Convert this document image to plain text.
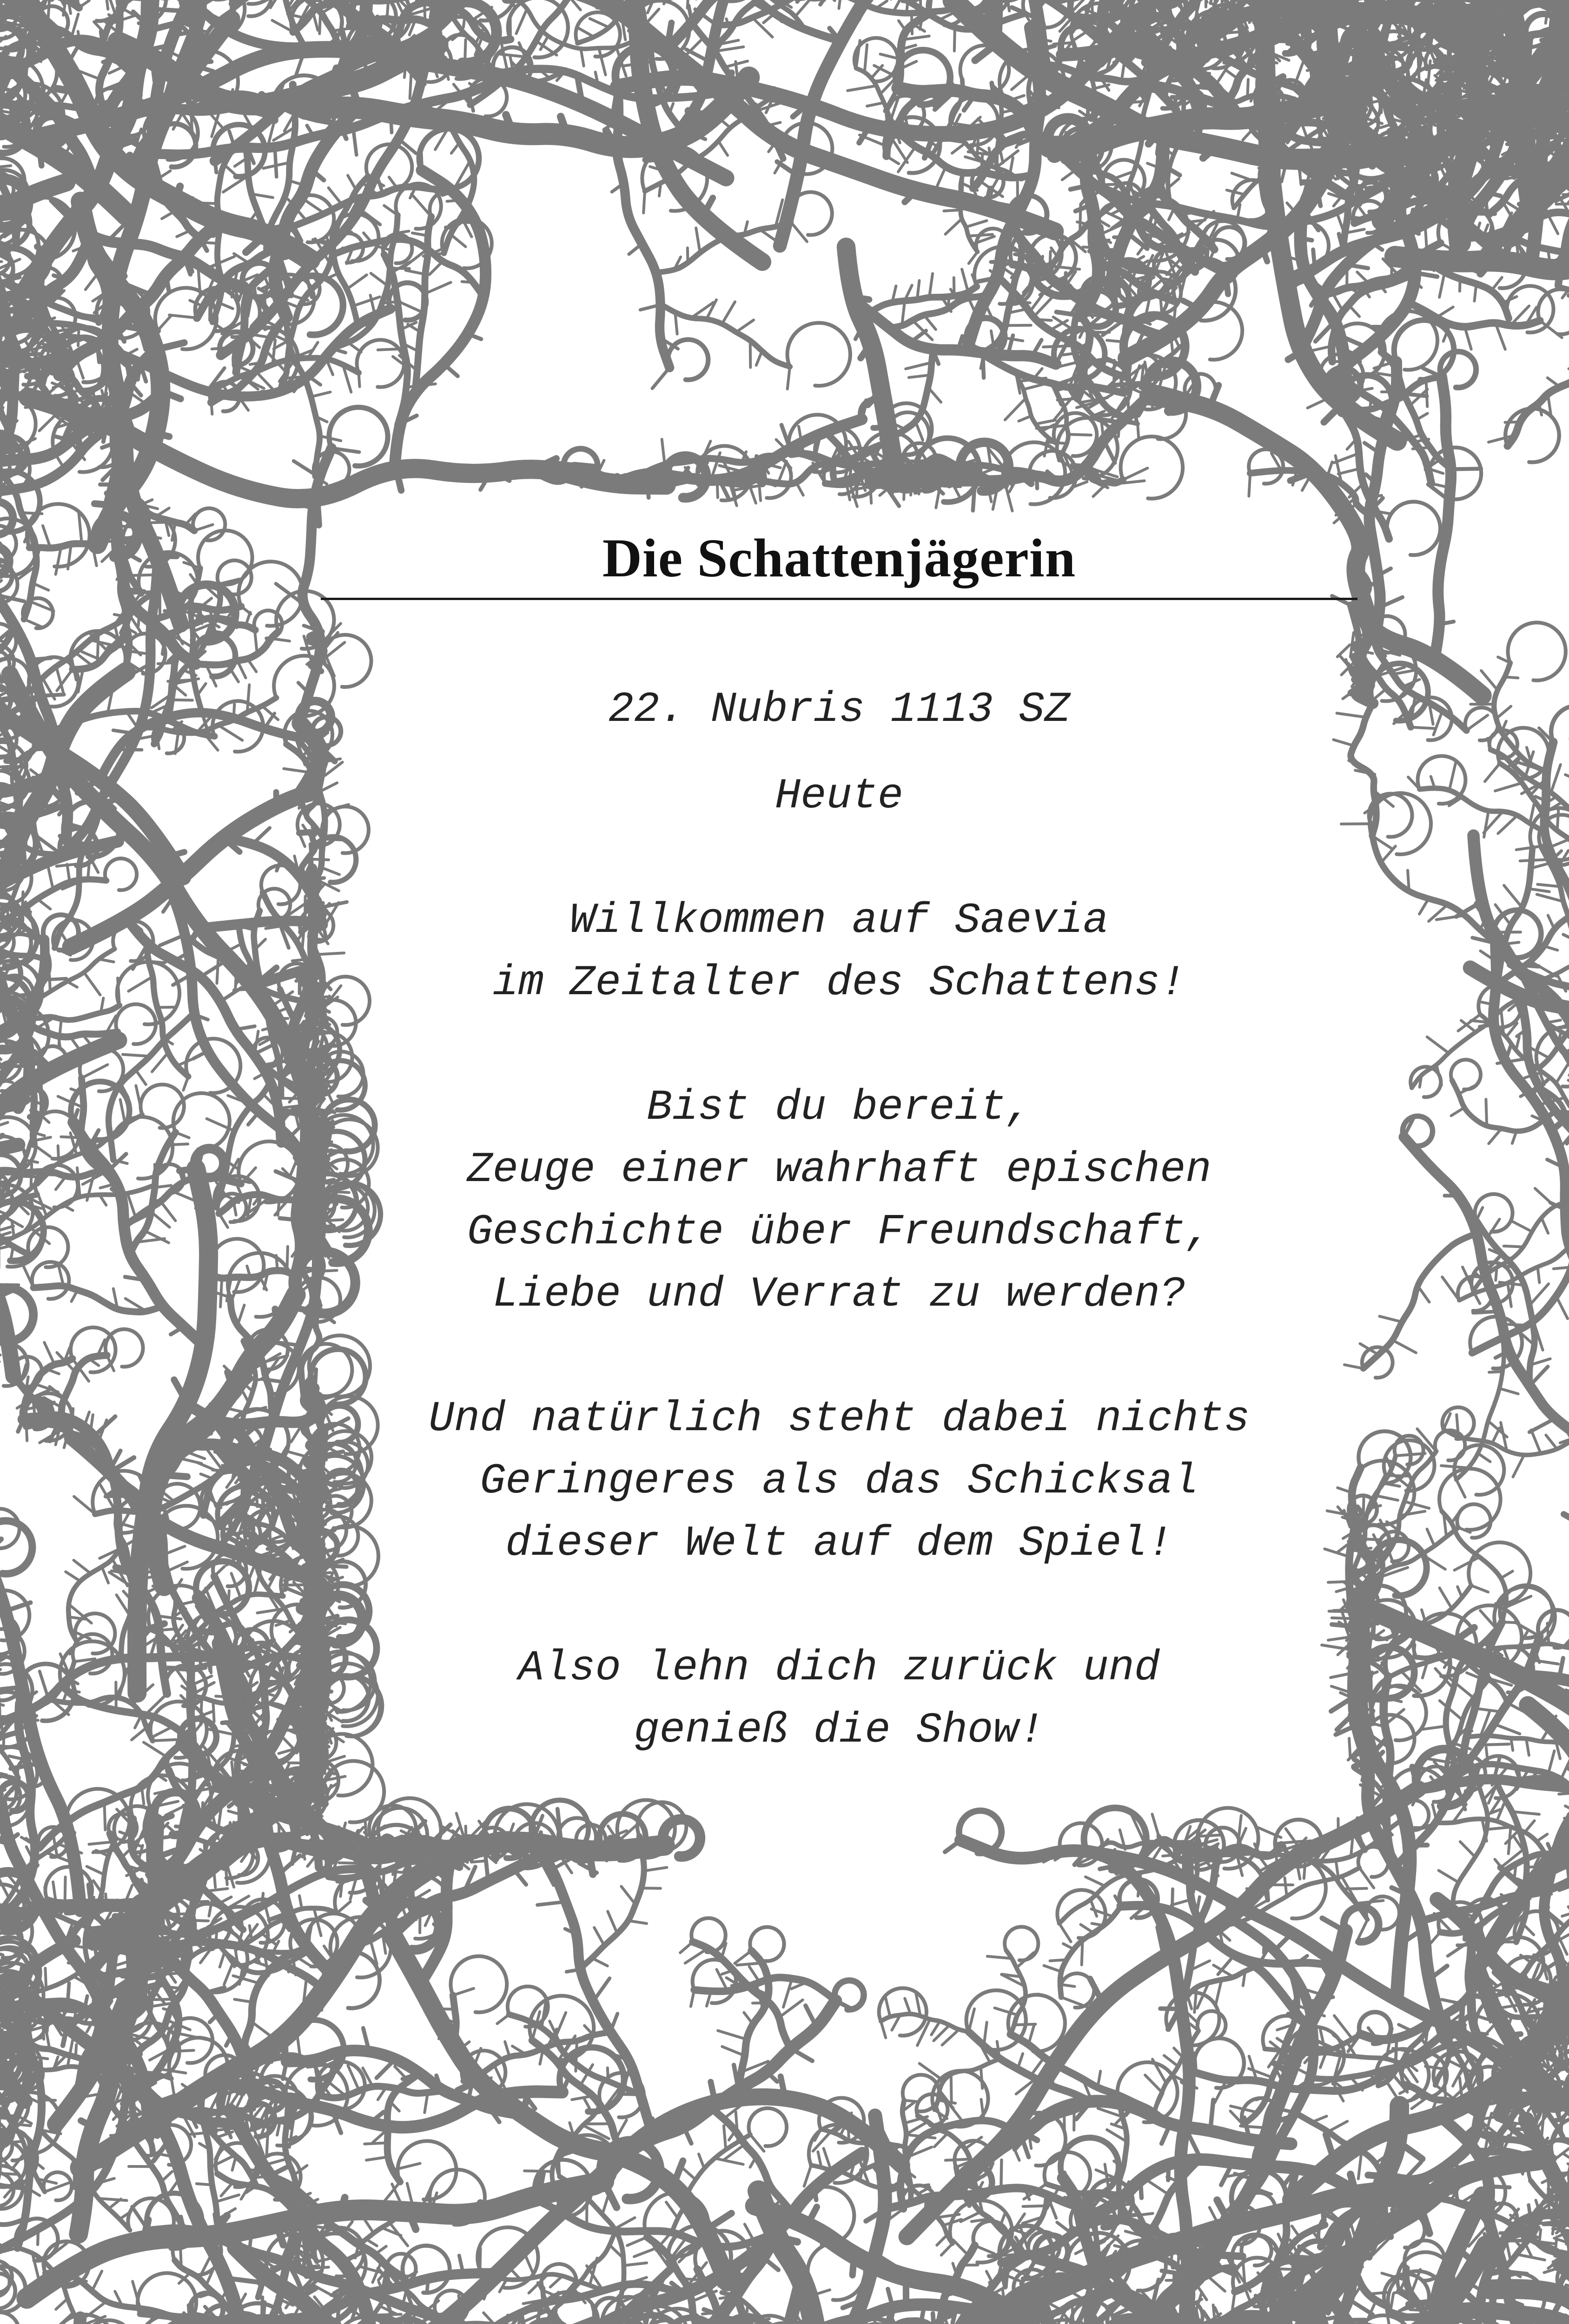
Die Schattenjägerin

22. Nubris 1113 SZ

Heute

Willkommen auf Saevia

im Zeitalter des Schattens!

Bist du bereit,

Zeuge einer wahrhaft epischen

Geschichte über Freundschaft,

Liebe und Verrat zu werden?

Und natürlich steht dabei nichts

Geringeres als das Schicksal

dieser Welt auf dem Spiel!

Also lehn dich zurück und

genieß die Show!
